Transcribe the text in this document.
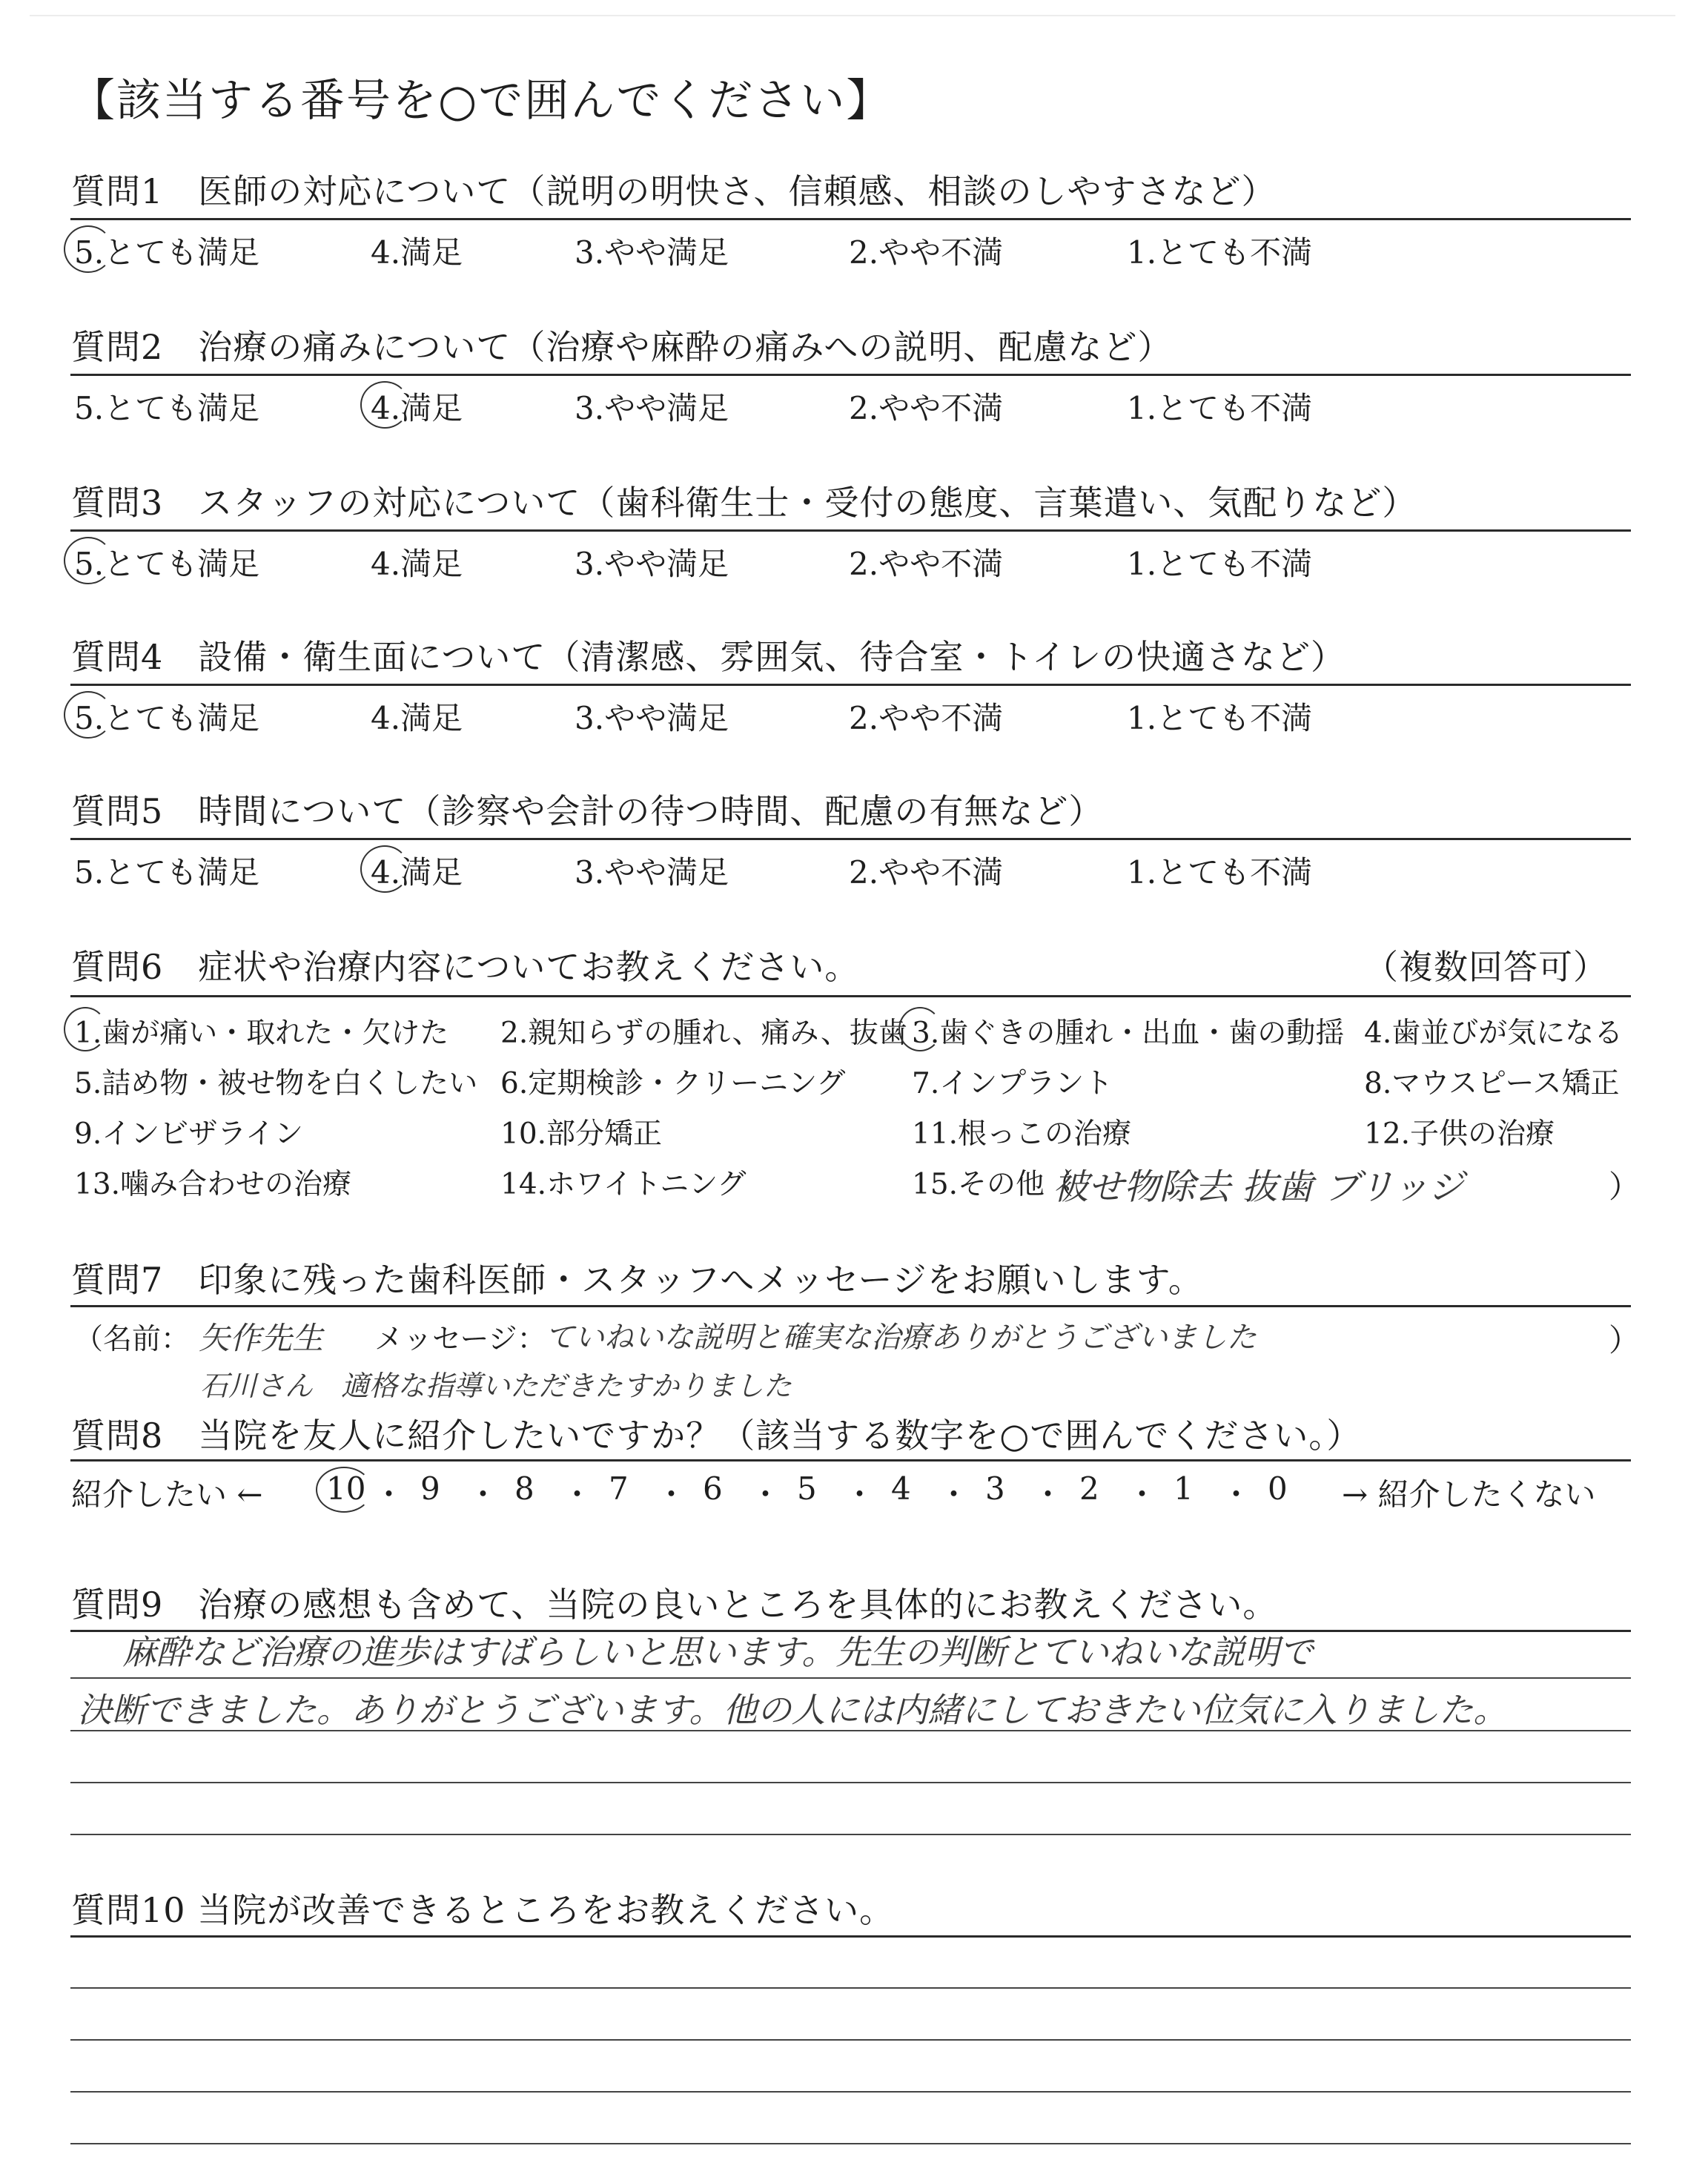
【該当する番号を○で囲んでください】
質問1　医師の対応について（説明の明快さ、信頼感、相談のしやすさなど）
5.とても満足	4.満足	3.やや満足	2.やや不満	1.とても不満
質問2　治療の痛みについて（治療や麻酔の痛みへの説明、配慮など）
5.とても満足	4.満足	3.やや満足	2.やや不満	1.とても不満
質問3　スタッフの対応について（歯科衛生士・受付の態度、言葉遣い、気配りなど）
5.とても満足	4.満足	3.やや満足	2.やや不満	1.とても不満
質問4　設備・衛生面について（清潔感、雰囲気、待合室・トイレの快適さなど）
5.とても満足	4.満足	3.やや満足	2.やや不満	1.とても不満
質問5　時間について（診察や会計の待つ時間、配慮の有無など）
5.とても満足	4.満足	3.やや満足	2.やや不満	1.とても不満
質問6　症状や治療内容についてお教えください。	（複数回答可）
1.歯が痛い・取れた・欠けた 2.親知らずの腫れ、痛み、抜歯 3.歯ぐきの腫れ・出血・歯の動揺 4.歯並びが気になる
5.詰め物・被せ物を白くしたい 6.定期検診・クリーニング 7.インプラント	8.マウスピース矯正
9.インビザライン	10.部分矯正	11.根っこの治療	12.子供の治療
13.噛み合わせの治療	14.ホワイトニング	15.その他（
被せ物除去 抜歯 ブリッジ	）
質問7　印象に残った歯科医師・スタッフへメッセージをお願いします。
（名前： 矢作先生 メッセージ：
ていねいな説明と確実な治療ありがとうございました	）
石川さん　適格な指導いただきたすかりました
質問8　当院を友人に紹介したいですか？（該当する数字を○で囲んでください。）
紹介したい ← 10 ・ 9 ・ 8 ・ 7 ・ 6 ・ 5 ・ 4 ・ 3 ・ 2 ・ 1 ・ 0 → 紹介したくない
質問9　治療の感想も含めて、当院の良いところを具体的にお教えください。
麻酔など治療の進歩はすばらしいと思います。先生の判断とていねいな説明で
決断できました。ありがとうございます。他の人には内緒にしておきたい位気に入りました。
質問10 当院が改善できるところをお教えください。
